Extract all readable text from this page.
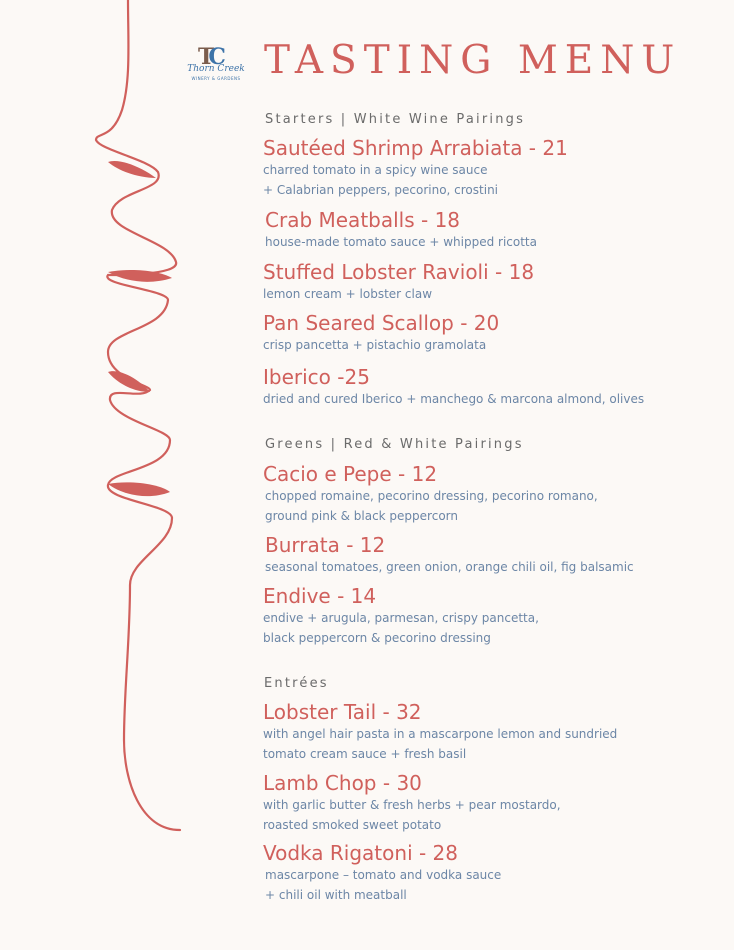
TC
Thorn Creek
WINERY & GARDENS TASTING MENU
Starters | White Wine Pairings
Sautéed Shrimp Arrabiata - 21
charred tomato in a spicy wine sauce
+ Calabrian peppers, pecorino, crostini
Crab Meatballs - 18
house-made tomato sauce + whipped ricotta
Stuffed Lobster Ravioli - 18
lemon cream + lobster claw
Pan Seared Scallop - 20
crisp pancetta + pistachio gramolata
Iberico -25
dried and cured Iberico + manchego & marcona almond, olives
Greens | Red & White Pairings
Cacio e Pepe - 12
chopped romaine, pecorino dressing, pecorino romano,
ground pink & black peppercorn
Burrata - 12
seasonal tomatoes, green onion, orange chili oil, fig balsamic
Endive - 14
endive + arugula, parmesan, crispy pancetta,
black peppercorn & pecorino dressing
Entrées
Lobster Tail - 32
with angel hair pasta in a mascarpone lemon and sundried
tomato cream sauce + fresh basil
Lamb Chop - 30
with garlic butter & fresh herbs + pear mostardo,
roasted smoked sweet potato
Vodka Rigatoni - 28
mascarpone – tomato and vodka sauce
+ chili oil with meatball
